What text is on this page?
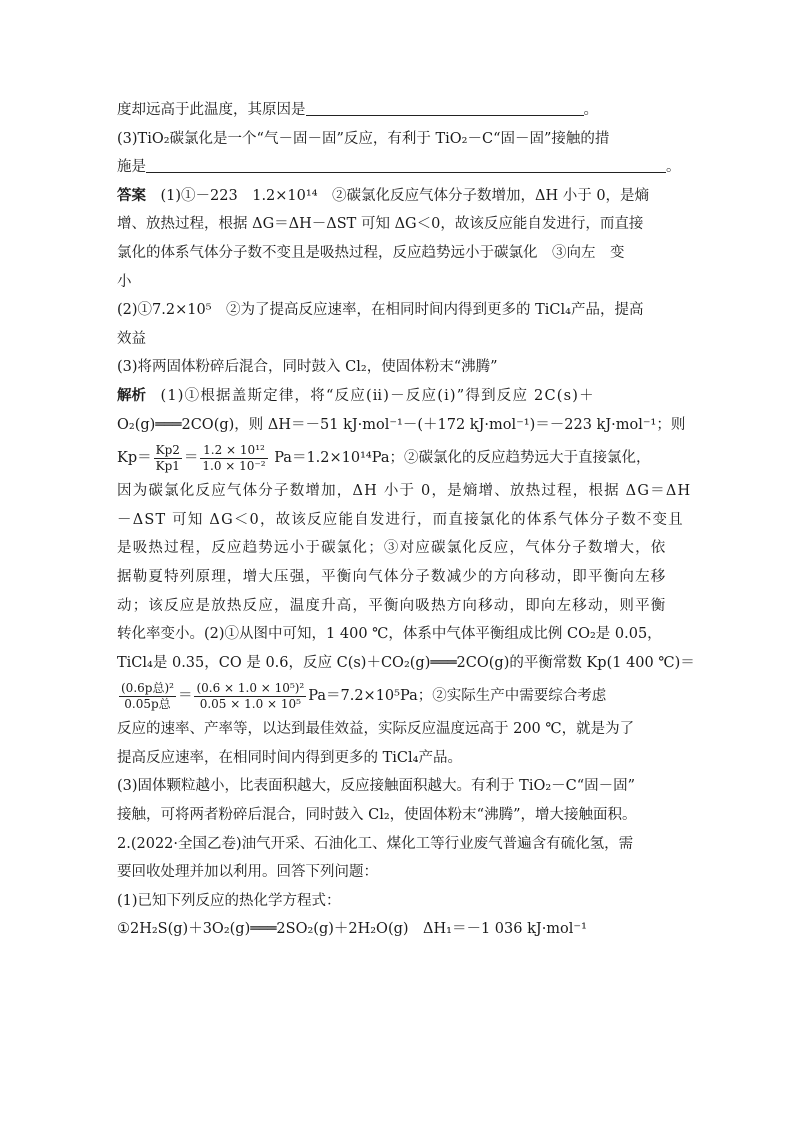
度却远高于此温度，其原因是	。
(3)TiO₂碳氯化是一个“气－固－固”反应，有利于 TiO₂－C“固－固”接触的措
施是	。
答案　 (1)①－223　1.2×10¹⁴　②碳氯化反应气体分子数增加，ΔH 小于 0，是熵
增、放热过程，根据 ΔG＝ΔH－ΔST 可知 ΔG＜0，故该反应能自发进行，而直接
氯化的体系气体分子数不变且是吸热过程，反应趋势远小于碳氯化　③向左　变
小
(2)①7.2×10⁵　②为了提高反应速率，在相同时间内得到更多的 TiCl₄产品，提高
效益
(3)将两固体粉碎后混合，同时鼓入 Cl₂，使固体粉末“沸腾”
解析　 (1)①根据盖斯定律，将“反应(ⅱ)－反应(ⅰ)”得到反应 2C(s)＋
O₂(g)═══2CO(g)，则 ΔH＝－51 kJ·mol⁻¹－(＋172 kJ·mol⁻¹)＝－223 kJ·mol⁻¹；则
$Kp= \frac{Kp2}{Kp1} = \frac{\text{1.2 × 10¹²}}{\text{1.0 × 10⁻²}} Pa=1.2\times 10^{14}Pa$；②碳氯化的反应趋势远大于直接氯化，
因为碳氯化反应气体分子数增加，ΔH 小于 0，是熵增、放热过程，根据 ΔG＝ΔH
－ΔST 可知 ΔG＜0，故该反应能自发进行，而直接氯化的体系气体分子数不变且
是吸热过程，反应趋势远小于碳氯化；③对应碳氯化反应，气体分子数增大，依
据勒夏特列原理，增大压强，平衡向气体分子数减少的方向移动，即平衡向左移
动；该反应是放热反应，温度升高，平衡向吸热方向移动，即向左移动，则平衡
转化率变小。(2)①从图中可知，1 400 ℃，体系中气体平衡组成比例 CO₂是 0.05，
TiCl₄是 0.35，CO 是 0.6，反应 C(s)＋CO₂(g)═══2CO(g)的平衡常数 Kp(1 400 ℃)＝
$\frac{\text{(0.6p总)²}}{\text{0.05p总}} = \frac{\text{(0.6 × 1.0 × 10⁵)²}}{\text{0.05 × 1.0 × 10⁵}} Pa=7.2\times 10^5Pa$；②实际生产中需要综合考虑
反应的速率、产率等，以达到最佳效益，实际反应温度远高于 200 ℃，就是为了
提高反应速率，在相同时间内得到更多的 TiCl₄产品。
(3)固体颗粒越小，比表面积越大，反应接触面积越大。有利于 TiO₂－C“固－固”
接触，可将两者粉碎后混合，同时鼓入 Cl₂，使固体粉末“沸腾”，增大接触面积。
2.(2022·全国乙卷)油气开采、石油化工、煤化工等行业废气普遍含有硫化氢，需
要回收处理并加以利用。回答下列问题：
(1)已知下列反应的热化学方程式：
①2H₂S(g)＋3O₂(g)═══2SO₂(g)＋2H₂O(g)　ΔH₁＝－1 036 kJ·mol⁻¹
